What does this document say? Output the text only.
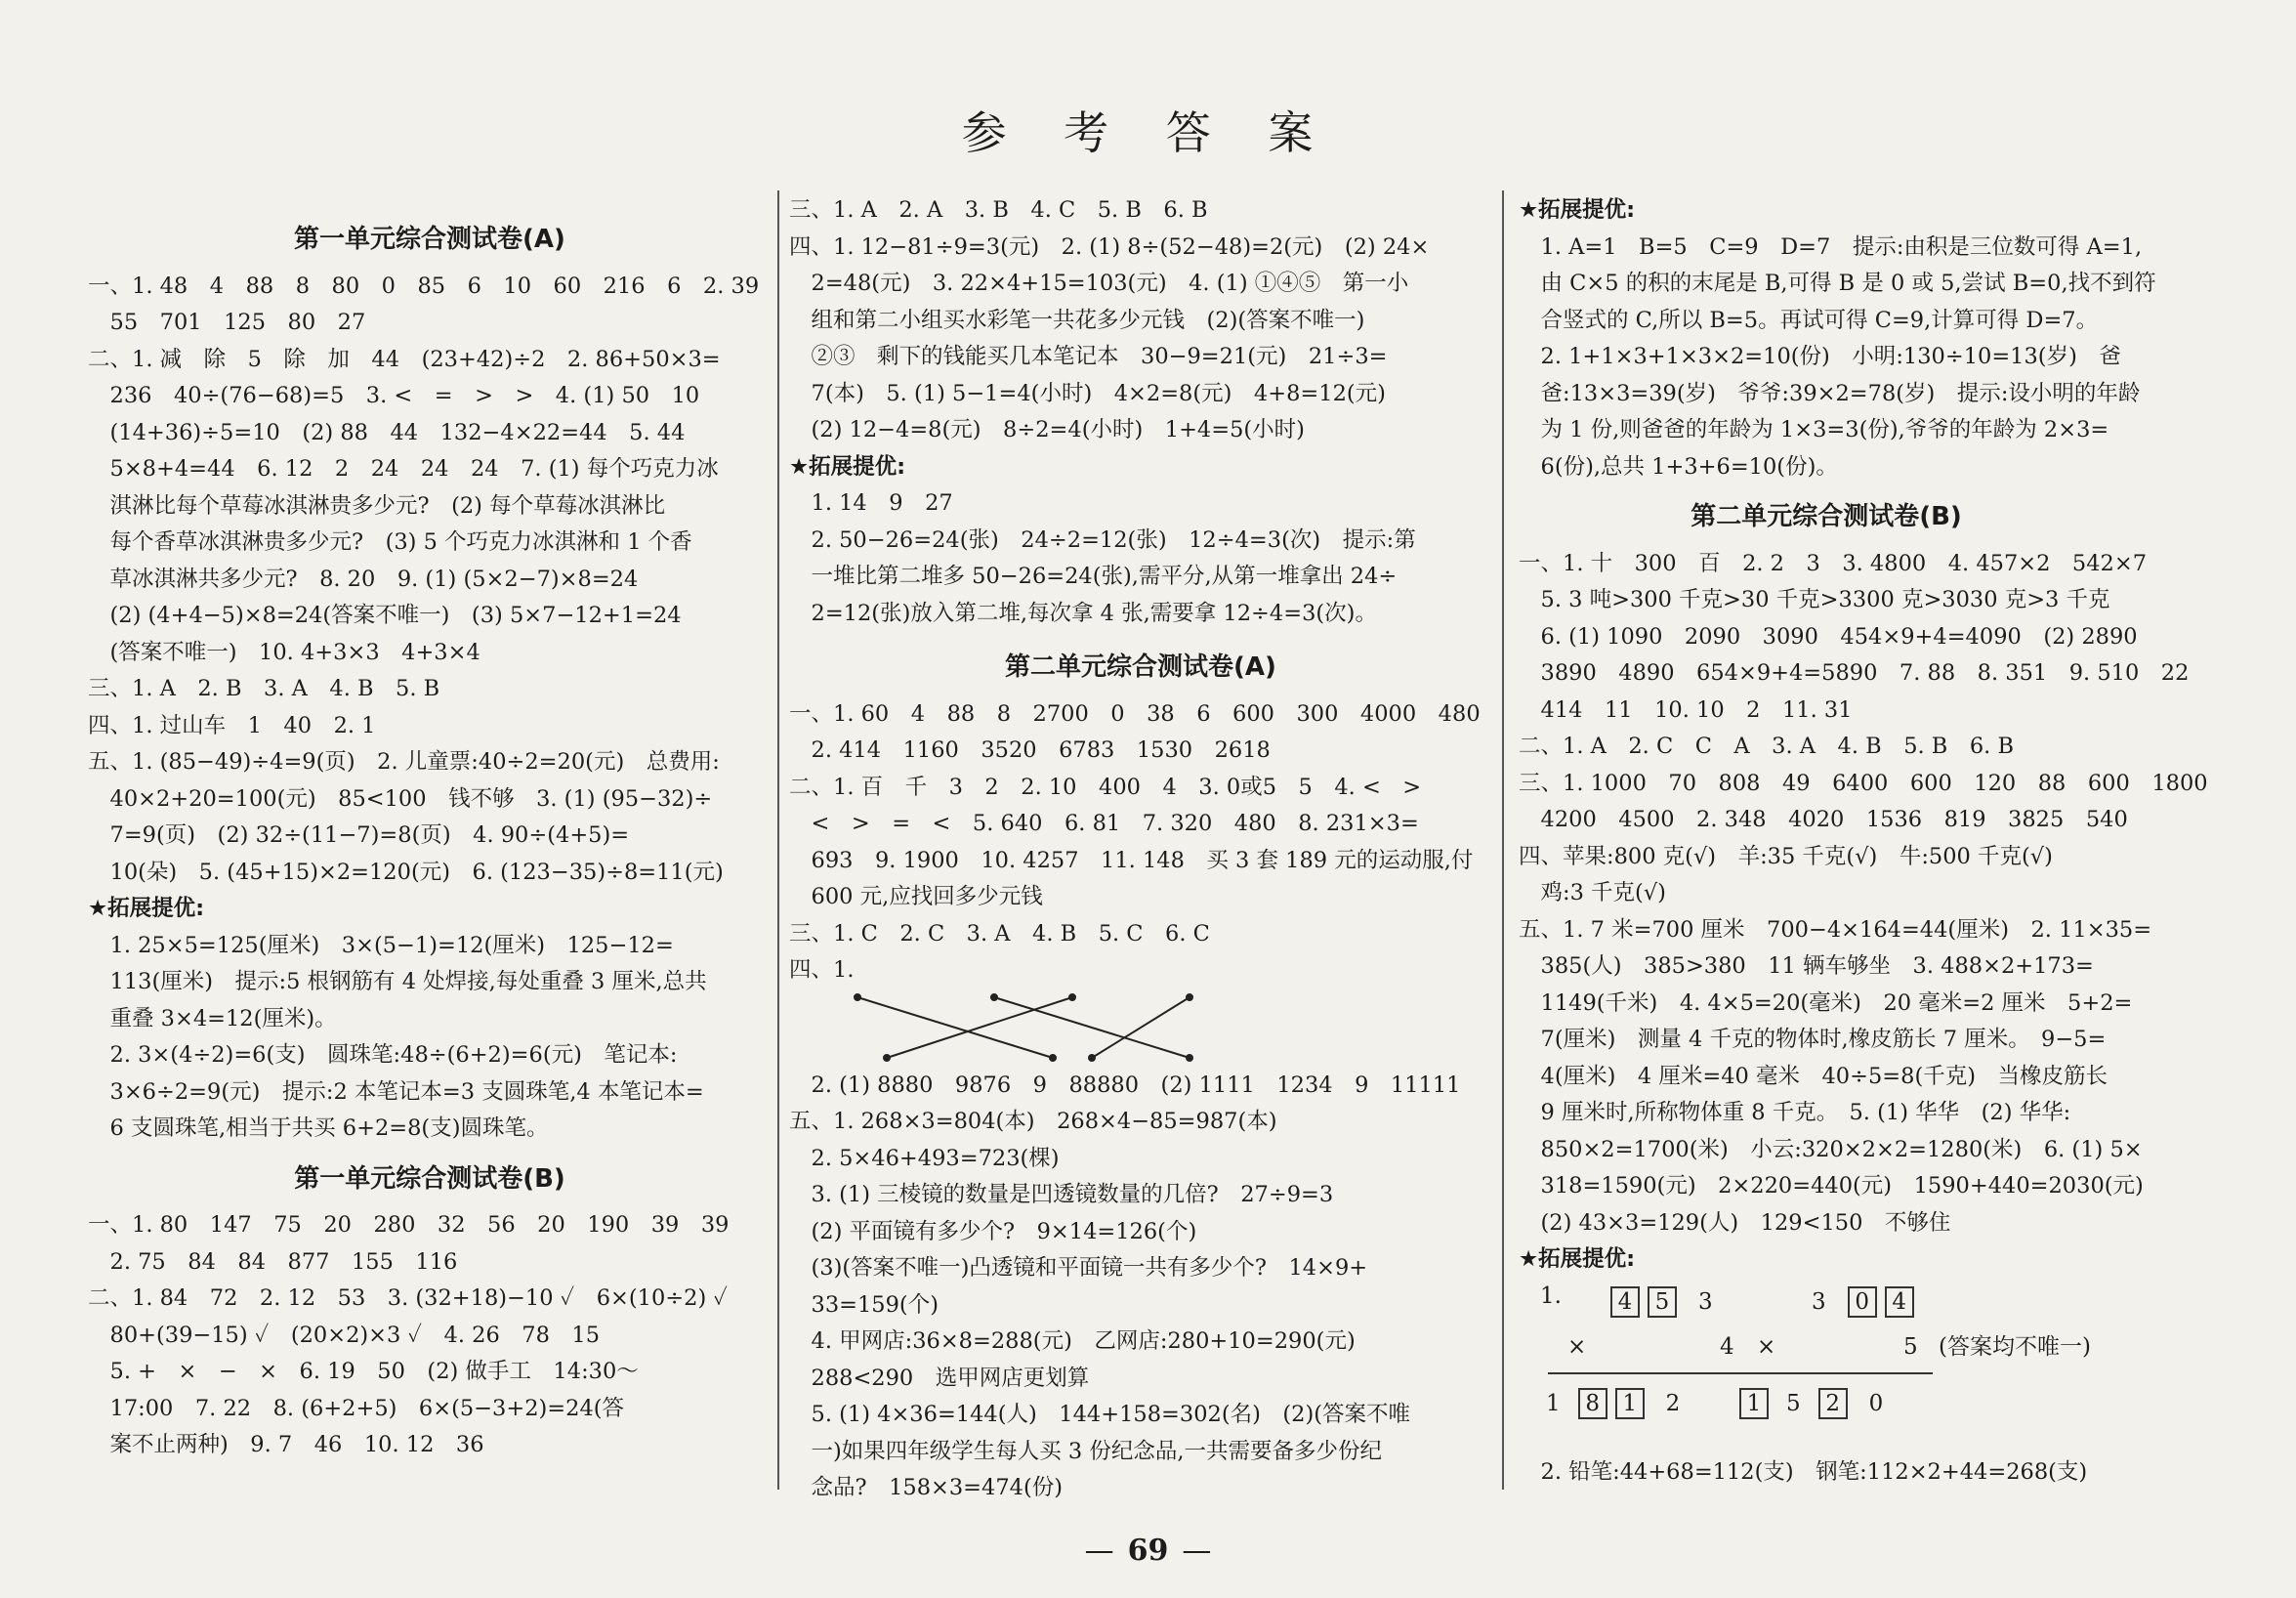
参 考 答 案
第一单元综合测试卷(A)
一、1. 48　4　88　8　80　0　85　6　10　60　216　6　2. 39
　55　701　125　80　27
二、1. 减　除　5　除　加　44　(23+42)÷2　2. 86+50×3=
　236　40÷(76−68)=5　3. <　=　>　>　4. (1) 50　10
　(14+36)÷5=10　(2) 88　44　132−4×22=44　5. 44
　5×8+4=44　6. 12　2　24　24　24　7. (1) 每个巧克力冰
　淇淋比每个草莓冰淇淋贵多少元?　(2) 每个草莓冰淇淋比
　每个香草冰淇淋贵多少元?　(3) 5 个巧克力冰淇淋和 1 个香
　草冰淇淋共多少元?　8. 20　9. (1) (5×2−7)×8=24
　(2) (4+4−5)×8=24(答案不唯一)　(3) 5×7−12+1=24
　(答案不唯一)　10. 4+3×3　4+3×4
三、1. A　2. B　3. A　4. B　5. B
四、1. 过山车　1　40　2. 1
五、1. (85−49)÷4=9(页)　2. 儿童票:40÷2=20(元)　总费用:
　40×2+20=100(元)　85<100　钱不够　3. (1) (95−32)÷
　7=9(页)　(2) 32÷(11−7)=8(页)　4. 90÷(4+5)=
　10(朵)　5. (45+15)×2=120(元)　6. (123−35)÷8=11(元)
★拓展提优:
　1. 25×5=125(厘米)　3×(5−1)=12(厘米)　125−12=
　113(厘米)　提示:5 根钢筋有 4 处焊接,每处重叠 3 厘米,总共
　重叠 3×4=12(厘米)。
　2. 3×(4÷2)=6(支)　圆珠笔:48÷(6+2)=6(元)　笔记本:
　3×6÷2=9(元)　提示:2 本笔记本=3 支圆珠笔,4 本笔记本=
　6 支圆珠笔,相当于共买 6+2=8(支)圆珠笔。
第一单元综合测试卷(B)
一、1. 80　147　75　20　280　32　56　20　190　39　39
　2. 75　84　84　877　155　116
二、1. 84　72　2. 12　53　3. (32+18)−10 ✓　6×(10÷2) ✓
　80+(39−15) ✓　(20×2)×3 ✓　4. 26　78　15
　5. +　×　−　×　6. 19　50　(2) 做手工　14:30～
　17:00　7. 22　8. (6+2+5)　6×(5−3+2)=24(答
　案不止两种)　9. 7　46　10. 12　36
三、1. A　2. A　3. B　4. C　5. B　6. B
四、1. 12−81÷9=3(元)　2. (1) 8÷(52−48)=2(元)　(2) 24×
　2=48(元)　3. 22×4+15=103(元)　4. (1) ①④⑤　第一小
　组和第二小组买水彩笔一共花多少元钱　(2)(答案不唯一)
　②③　剩下的钱能买几本笔记本　30−9=21(元)　21÷3=
　7(本)　5. (1) 5−1=4(小时)　4×2=8(元)　4+8=12(元)
　(2) 12−4=8(元)　8÷2=4(小时)　1+4=5(小时)
★拓展提优:
　1. 14　9　27
　2. 50−26=24(张)　24÷2=12(张)　12÷4=3(次)　提示:第
　一堆比第二堆多 50−26=24(张),需平分,从第一堆拿出 24÷
　2=12(张)放入第二堆,每次拿 4 张,需要拿 12÷4=3(次)。
第二单元综合测试卷(A)
一、1. 60　4　88　8　2700　0　38　6　600　300　4000　480
　2. 414　1160　3520　6783　1530　2618
二、1. 百　千　3　2　2. 10　400　4　3. 0或5　5　4. <　>
　<　>　=　<　5. 640　6. 81　7. 320　480　8. 231×3=
　693　9. 1900　10. 4257　11. 148　买 3 套 189 元的运动服,付
　600 元,应找回多少元钱
三、1. C　2. C　3. A　4. B　5. C　6. C
四、1.
　2. (1) 8880　9876　9　88880　(2) 1111　1234　9　11111
五、1. 268×3=804(本)　268×4−85=987(本)
　2. 5×46+493=723(棵)
　3. (1) 三棱镜的数量是凹透镜数量的几倍?　27÷9=3
　(2) 平面镜有多少个?　9×14=126(个)
　(3)(答案不唯一)凸透镜和平面镜一共有多少个?　14×9+
　33=159(个)
　4. 甲网店:36×8=288(元)　乙网店:280+10=290(元)
　288<290　选甲网店更划算
　5. (1) 4×36=144(人)　144+158=302(名)　(2)(答案不唯
　一)如果四年级学生每人买 3 份纪念品,一共需要备多少份纪
　念品?　158×3=474(份)
★拓展提优:
　1. A=1　B=5　C=9　D=7　提示:由积是三位数可得 A=1,
　由 C×5 的积的末尾是 B,可得 B 是 0 或 5,尝试 B=0,找不到符
　合竖式的 C,所以 B=5。再试可得 C=9,计算可得 D=7。
　2. 1+1×3+1×3×2=10(份)　小明:130÷10=13(岁)　爸
　爸:13×3=39(岁)　爷爷:39×2=78(岁)　提示:设小明的年龄
　为 1 份,则爸爸的年龄为 1×3=3(份),爷爷的年龄为 2×3=
　6(份),总共 1+3+6=10(份)。
第二单元综合测试卷(B)
一、1. 十　300　百　2. 2　3　3. 4800　4. 457×2　542×7
　5. 3 吨>300 千克>30 千克>3300 克>3030 克>3 千克
　6. (1) 1090　2090　3090　454×9+4=4090　(2) 2890
　3890　4890　654×9+4=5890　7. 88　8. 351　9. 510　22
　414　11　10. 10　2　11. 31
二、1. A　2. C　C　A　3. A　4. B　5. B　6. B
三、1. 1000　70　808　49　6400　600　120　88　600　1800
　4200　4500　2. 348　4020　1536　819　3825　540
四、苹果:800 克(√)　羊:35 千克(√)　牛:500 千克(√)
　鸡:3 千克(√)
五、1. 7 米=700 厘米　700−4×164=44(厘米)　2. 11×35=
　385(人)　385>380　11 辆车够坐　3. 488×2+173=
　1149(千米)　4. 4×5=20(毫米)　20 毫米=2 厘米　5+2=
　7(厘米)　测量 4 千克的物体时,橡皮筋长 7 厘米。　9−5=
　4(厘米)　4 厘米=40 毫米　40÷5=8(千克)　当橡皮筋长
　9 厘米时,所称物体重 8 千克。　5. (1) 华华　(2) 华华:
　850×2=1700(米)　小云:320×2×2=1280(米)　6. (1) 5×
　318=1590(元)　2×220=440(元)　1590+440=2030(元)
　(2) 43×3=129(人)　129<150　不够住
★拓展提优:
1.	4 5 3
×	4
1 8 1 2
3 0 4
×	5 (答案均不唯一)
1 5 2 0
　2. 铅笔:44+68=112(支)　钢笔:112×2+44=268(支)
— 69 —
